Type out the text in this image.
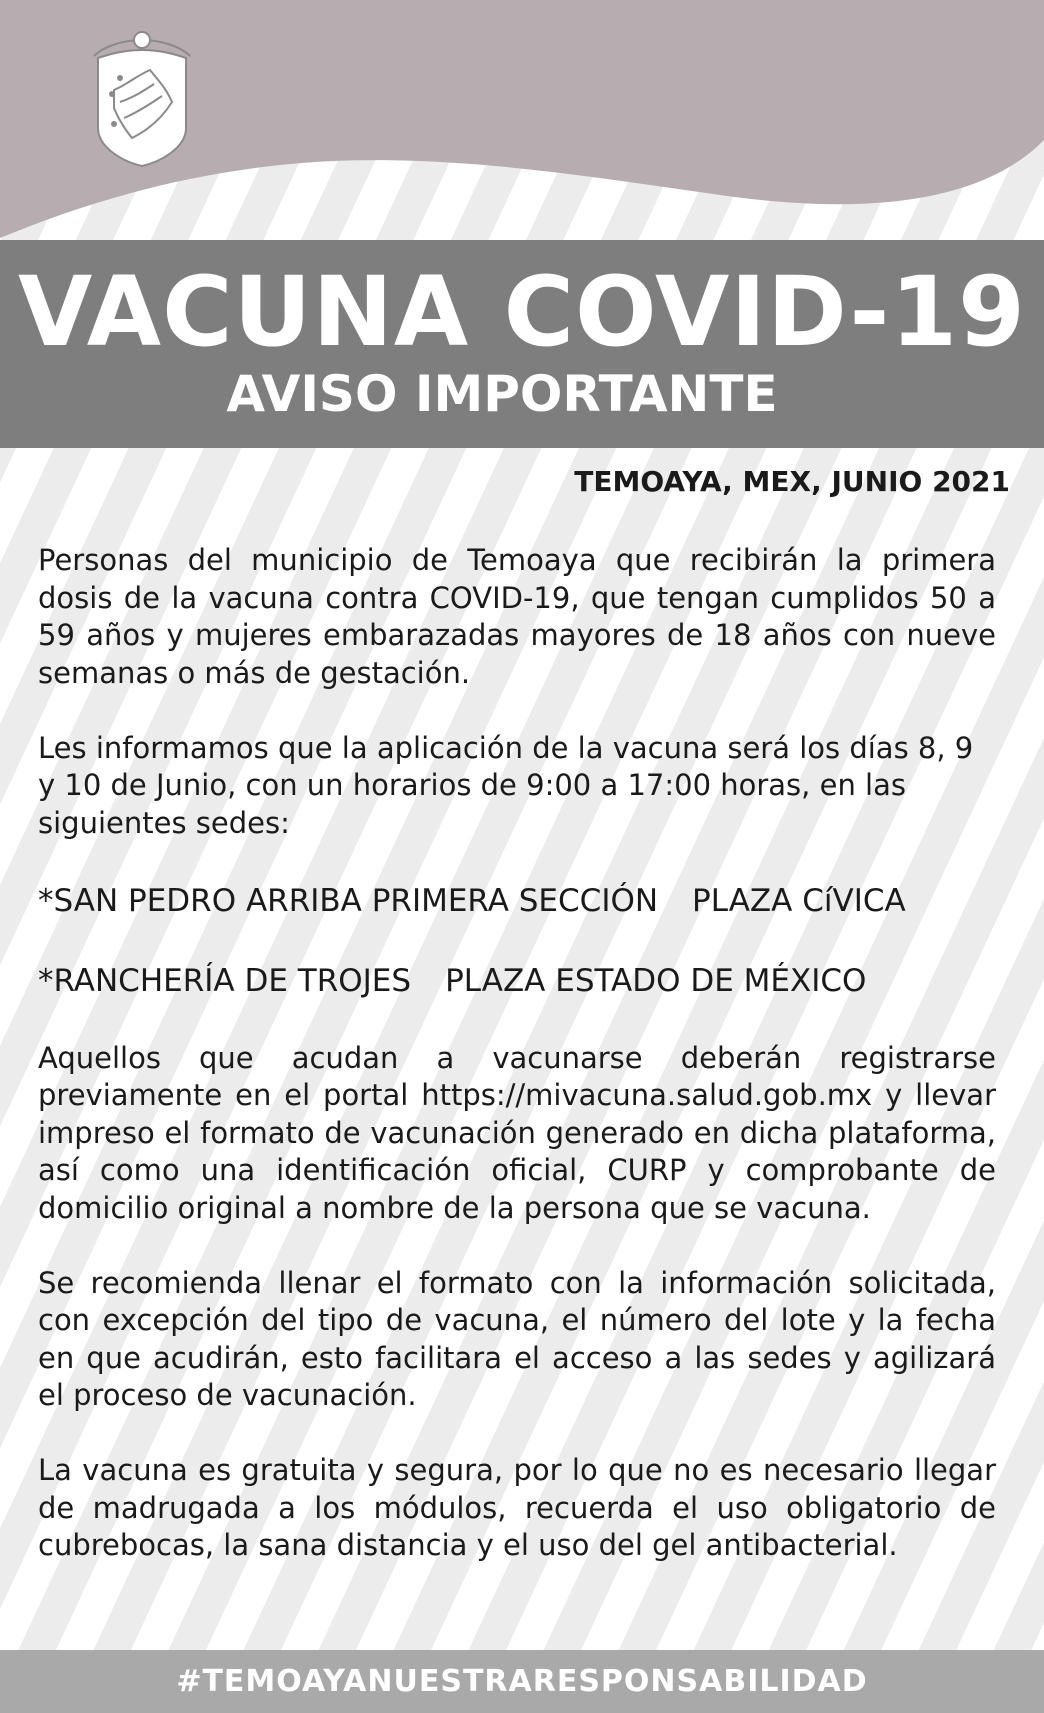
VACUNA COVID-19
AVISO IMPORTANTE
TEMOAYA, MEX, JUNIO 2021

Personas del municipio de Temoaya que recibirán la primera dosis de la vacuna contra COVID-19, que tengan cumplidos 50 a 59 años y mujeres embarazadas mayores de 18 años con nueve semanas o más de gestación.

Les informamos que la aplicación de la vacuna será los días 8, 9 y 10 de Junio, con un horarios de 9:00 a 17:00 horas, en las siguientes sedes:

*SAN PEDRO ARRIBA PRIMERA SECCIÓN PLAZA CíVICA
*RANCHERÍA DE TROJES PLAZA ESTADO DE MÉXICO

Aquellos que acudan a vacunarse deberán registrarse previamente en el portal https://mivacuna.salud.gob.mx y llevar impreso el formato de vacunación generado en dicha plataforma, así como una identificación oficial, CURP y comprobante de domicilio original a nombre de la persona que se vacuna.

Se recomienda llenar el formato con la información solicitada, con excepción del tipo de vacuna, el número del lote y la fecha en que acudirán, esto facilitara el acceso a las sedes y agilizará el proceso de vacunación.

La vacuna es gratuita y segura, por lo que no es necesario llegar de madrugada a los módulos, recuerda el uso obligatorio de cubrebocas, la sana distancia y el uso del gel antibacterial.

#TEMOAYANUESTRARESPONSABILIDAD
